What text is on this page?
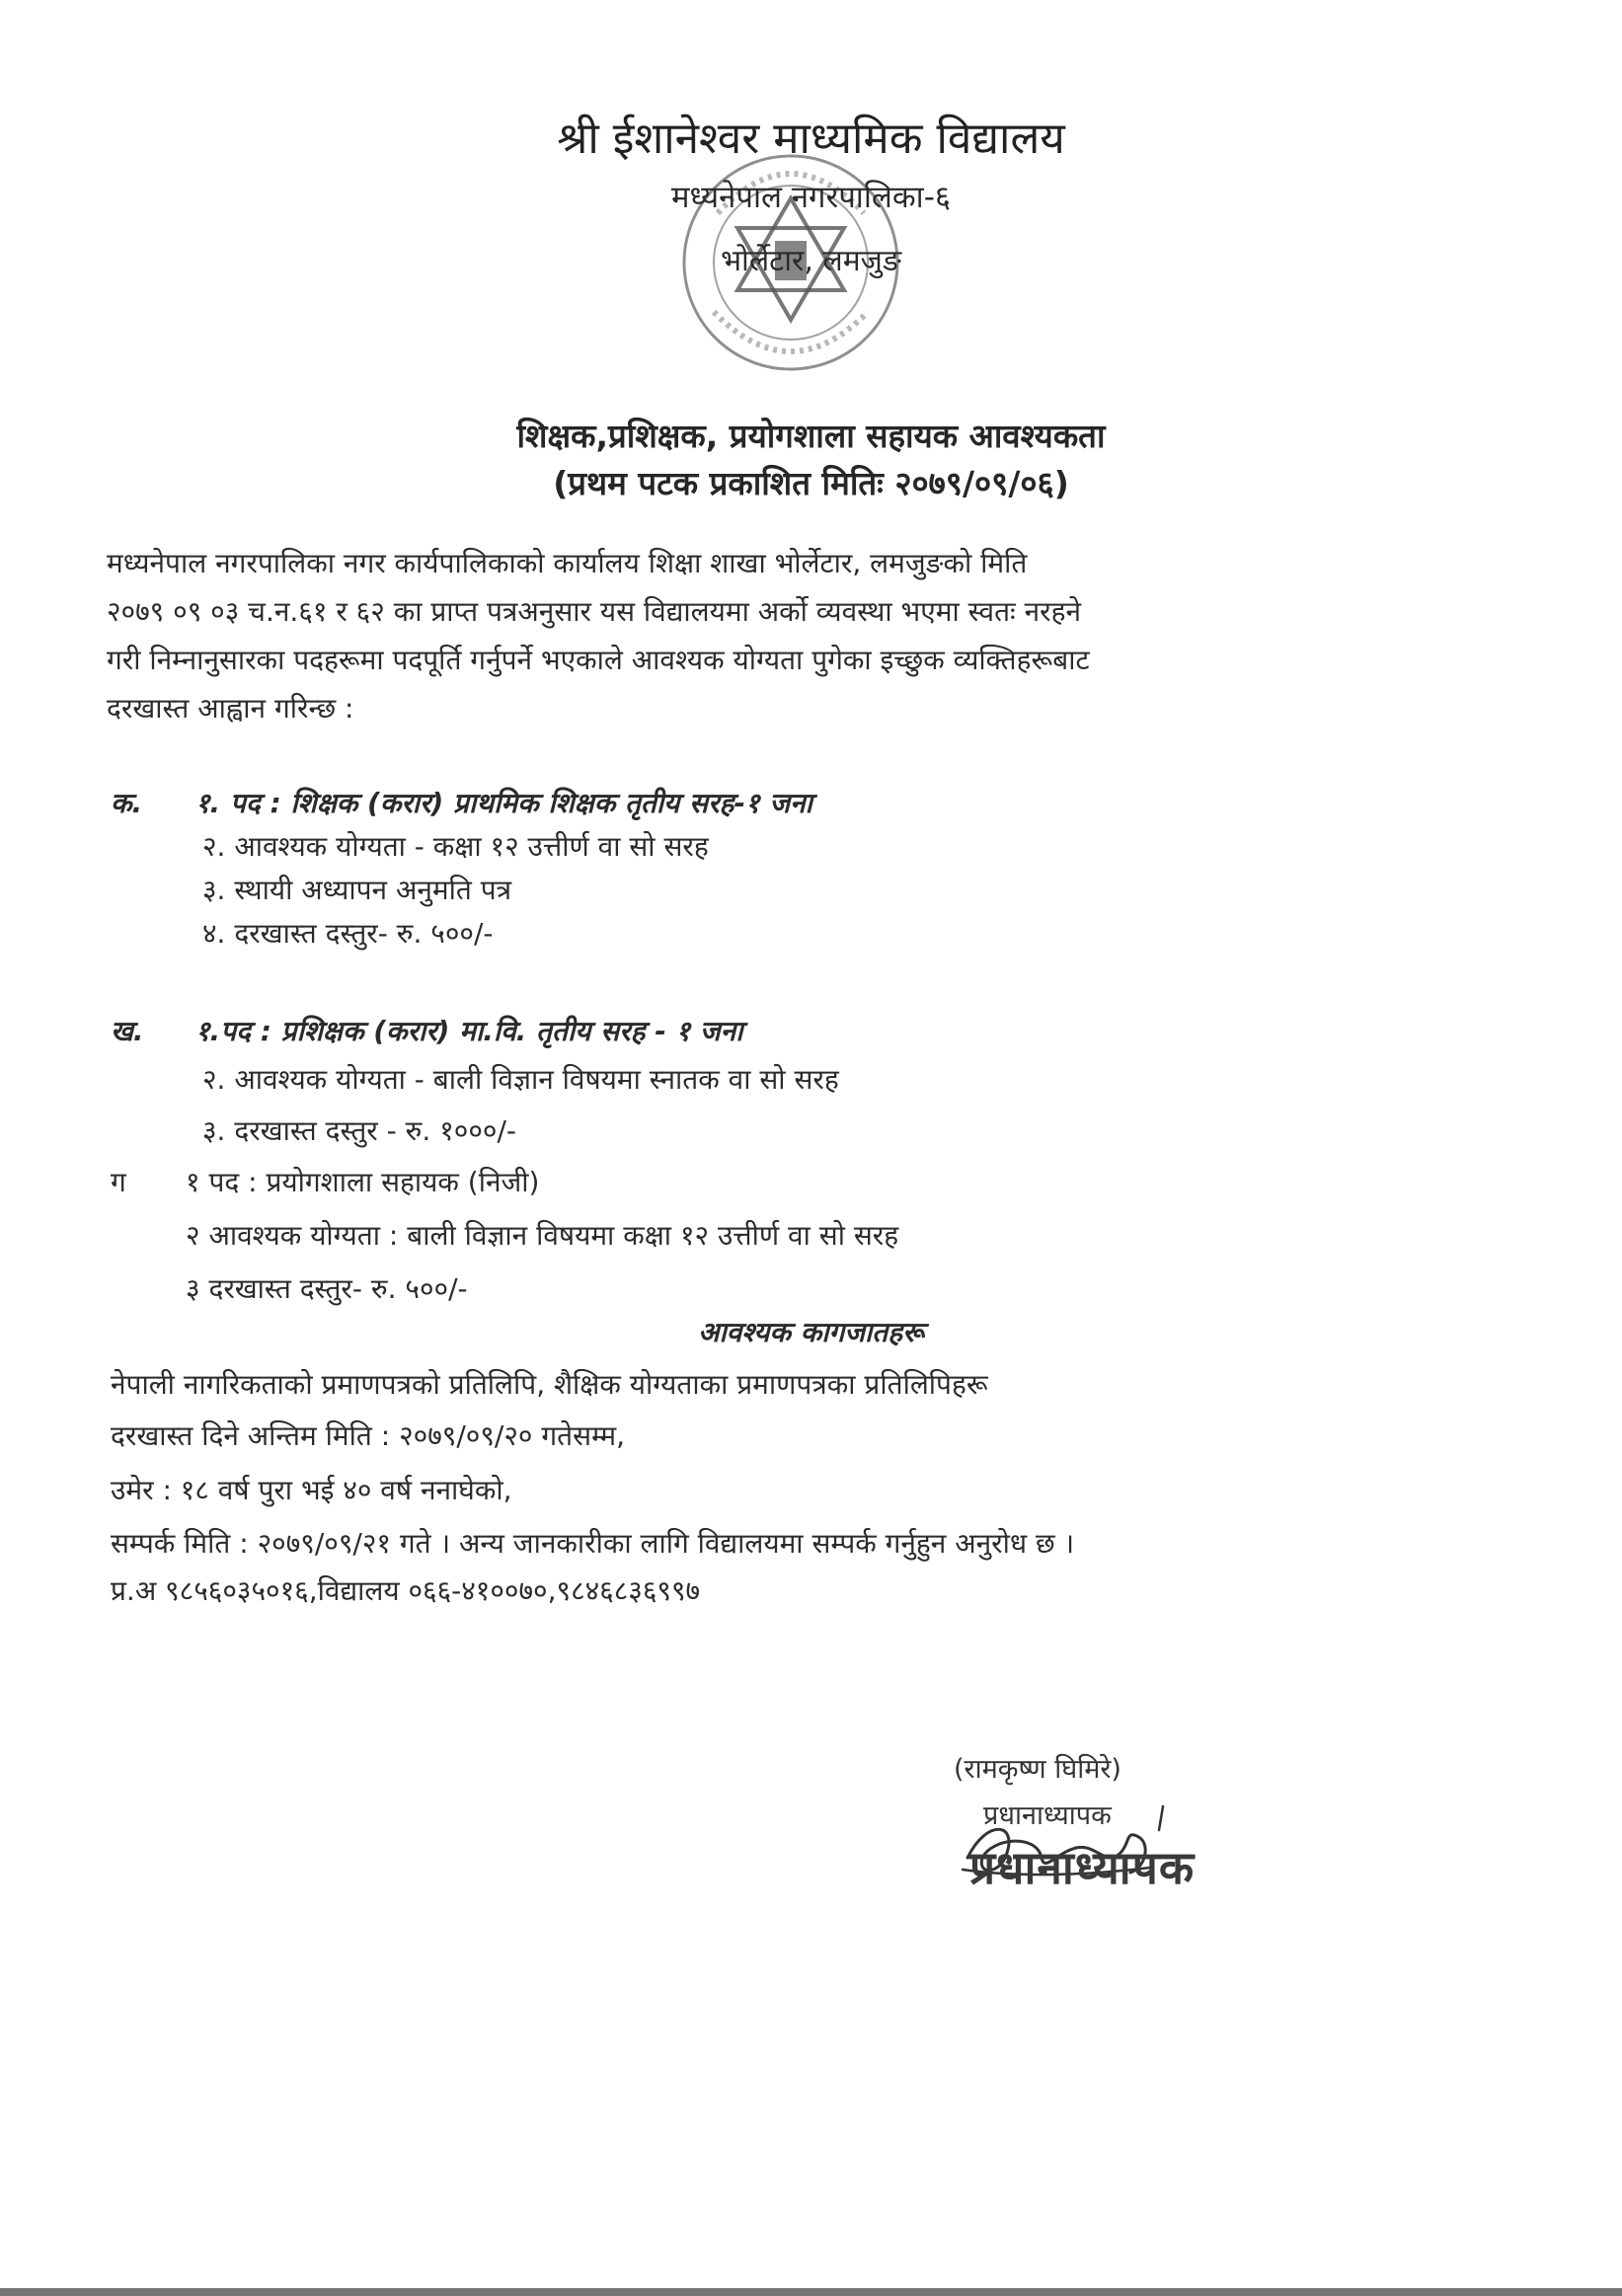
श्री ईशानेश्वर माध्यमिक विद्यालय
मध्यनेपाल नगरपालिका-६
भोर्लेटार, लमजुङ
शिक्षक,प्रशिक्षक, प्रयोगशाला सहायक आवश्यकता
(प्रथम पटक प्रकाशित मितिः २०७९/०९/०६)
मध्यनेपाल नगरपालिका नगर कार्यपालिकाको कार्यालय शिक्षा शाखा भोर्लेटार, लमजुङको मिति
२०७९ ०९ ०३ च.न.६१ र ६२ का प्राप्त पत्रअनुसार यस विद्यालयमा अर्को व्यवस्था भएमा स्वतः नरहने
गरी निम्नानुसारका पदहरूमा पदपूर्ति गर्नुपर्ने भएकाले आवश्यक योग्यता पुगेका इच्छुक व्यक्तिहरूबाट
दरखास्त आह्वान गरिन्छ :
क. १. पद : शिक्षक (करार) प्राथमिक शिक्षक तृतीय सरह-१ जना
२. आवश्यक योग्यता - कक्षा १२ उत्तीर्ण वा सो सरह
३. स्थायी अध्यापन अनुमति पत्र
४. दरखास्त दस्तुर- रु. ५००/-
ख. १.पद : प्रशिक्षक (करार) मा.वि. तृतीय सरह - १ जना
२. आवश्यक योग्यता - बाली विज्ञान विषयमा स्नातक वा सो सरह
३. दरखास्त दस्तुर - रु. १०००/-
ग १ पद : प्रयोगशाला सहायक (निजी)
२ आवश्यक योग्यता : बाली विज्ञान विषयमा कक्षा १२ उत्तीर्ण वा सो सरह
३ दरखास्त दस्तुर- रु. ५००/-
आवश्यक कागजातहरू
नेपाली नागरिकताको प्रमाणपत्रको प्रतिलिपि, शैक्षिक योग्यताका प्रमाणपत्रका प्रतिलिपिहरू
दरखास्त दिने अन्तिम मिति : २०७९/०९/२० गतेसम्म,
उमेर : १८ वर्ष पुरा भई ४० वर्ष ननाघेको,
सम्पर्क मिति : २०७९/०९/२१ गते । अन्य जानकारीका लागि विद्यालयमा सम्पर्क गर्नुहुन अनुरोध छ ।
प्र.अ ९८५६०३५०१६,विद्यालय ०६६-४१००७०,९८४६८३६९९७
(रामकृष्ण घिमिरे)
प्रधानाध्यापक
प्रधानाध्यापक
